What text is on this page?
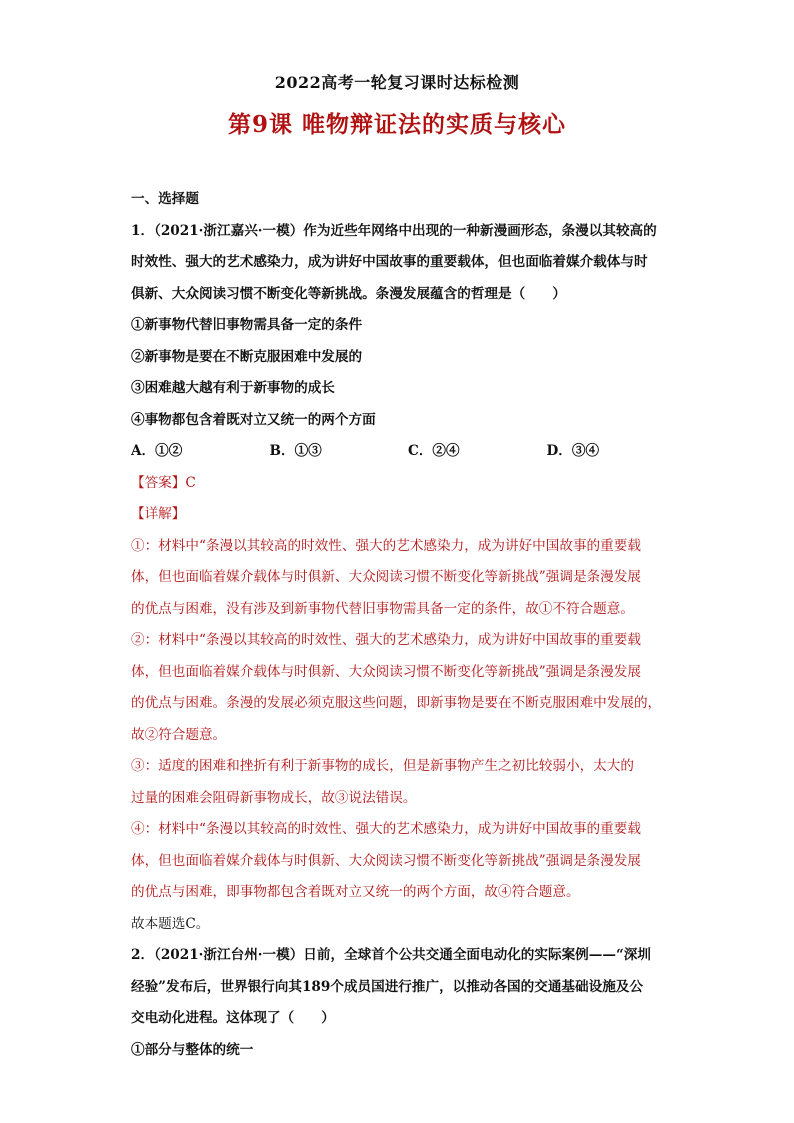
2022高考一轮复习课时达标检测
第9课 唯物辩证法的实质与核心
一、选择题
1．（2021·浙江嘉兴·一模）作为近些年网络中出现的一种新漫画形态，条漫以其较高的
时效性、强大的艺术感染力，成为讲好中国故事的重要载体，但也面临着媒介载体与时
俱新、大众阅读习惯不断变化等新挑战。条漫发展蕴含的哲理是（　　）
①新事物代替旧事物需具备一定的条件
②新事物是要在不断克服困难中发展的
③困难越大越有利于新事物的成长
④事物都包含着既对立又统一的两个方面
A．①②	B．①③	C．②④	D．③④
【答案】C
【详解】
①：材料中“条漫以其较高的时效性、强大的艺术感染力，成为讲好中国故事的重要载
体，但也面临着媒介载体与时俱新、大众阅读习惯不断变化等新挑战”强调是条漫发展
的优点与困难，没有涉及到新事物代替旧事物需具备一定的条件，故①不符合题意。
②：材料中“条漫以其较高的时效性、强大的艺术感染力，成为讲好中国故事的重要载
体，但也面临着媒介载体与时俱新、大众阅读习惯不断变化等新挑战”强调是条漫发展
的优点与困难。条漫的发展必须克服这些问题，即新事物是要在不断克服困难中发展的，
故②符合题意。
③：适度的困难和挫折有利于新事物的成长，但是新事物产生之初比较弱小，太大的
过量的困难会阻碍新事物成长，故③说法错误。
④：材料中“条漫以其较高的时效性、强大的艺术感染力，成为讲好中国故事的重要载
体，但也面临着媒介载体与时俱新、大众阅读习惯不断变化等新挑战”强调是条漫发展
的优点与困难，即事物都包含着既对立又统一的两个方面，故④符合题意。
故本题选C。
2．（2021·浙江台州·一模）日前，全球首个公共交通全面电动化的实际案例——“深圳
经验”发布后，世界银行向其189个成员国进行推广，以推动各国的交通基础设施及公
交电动化进程。这体现了（　　）
①部分与整体的统一
